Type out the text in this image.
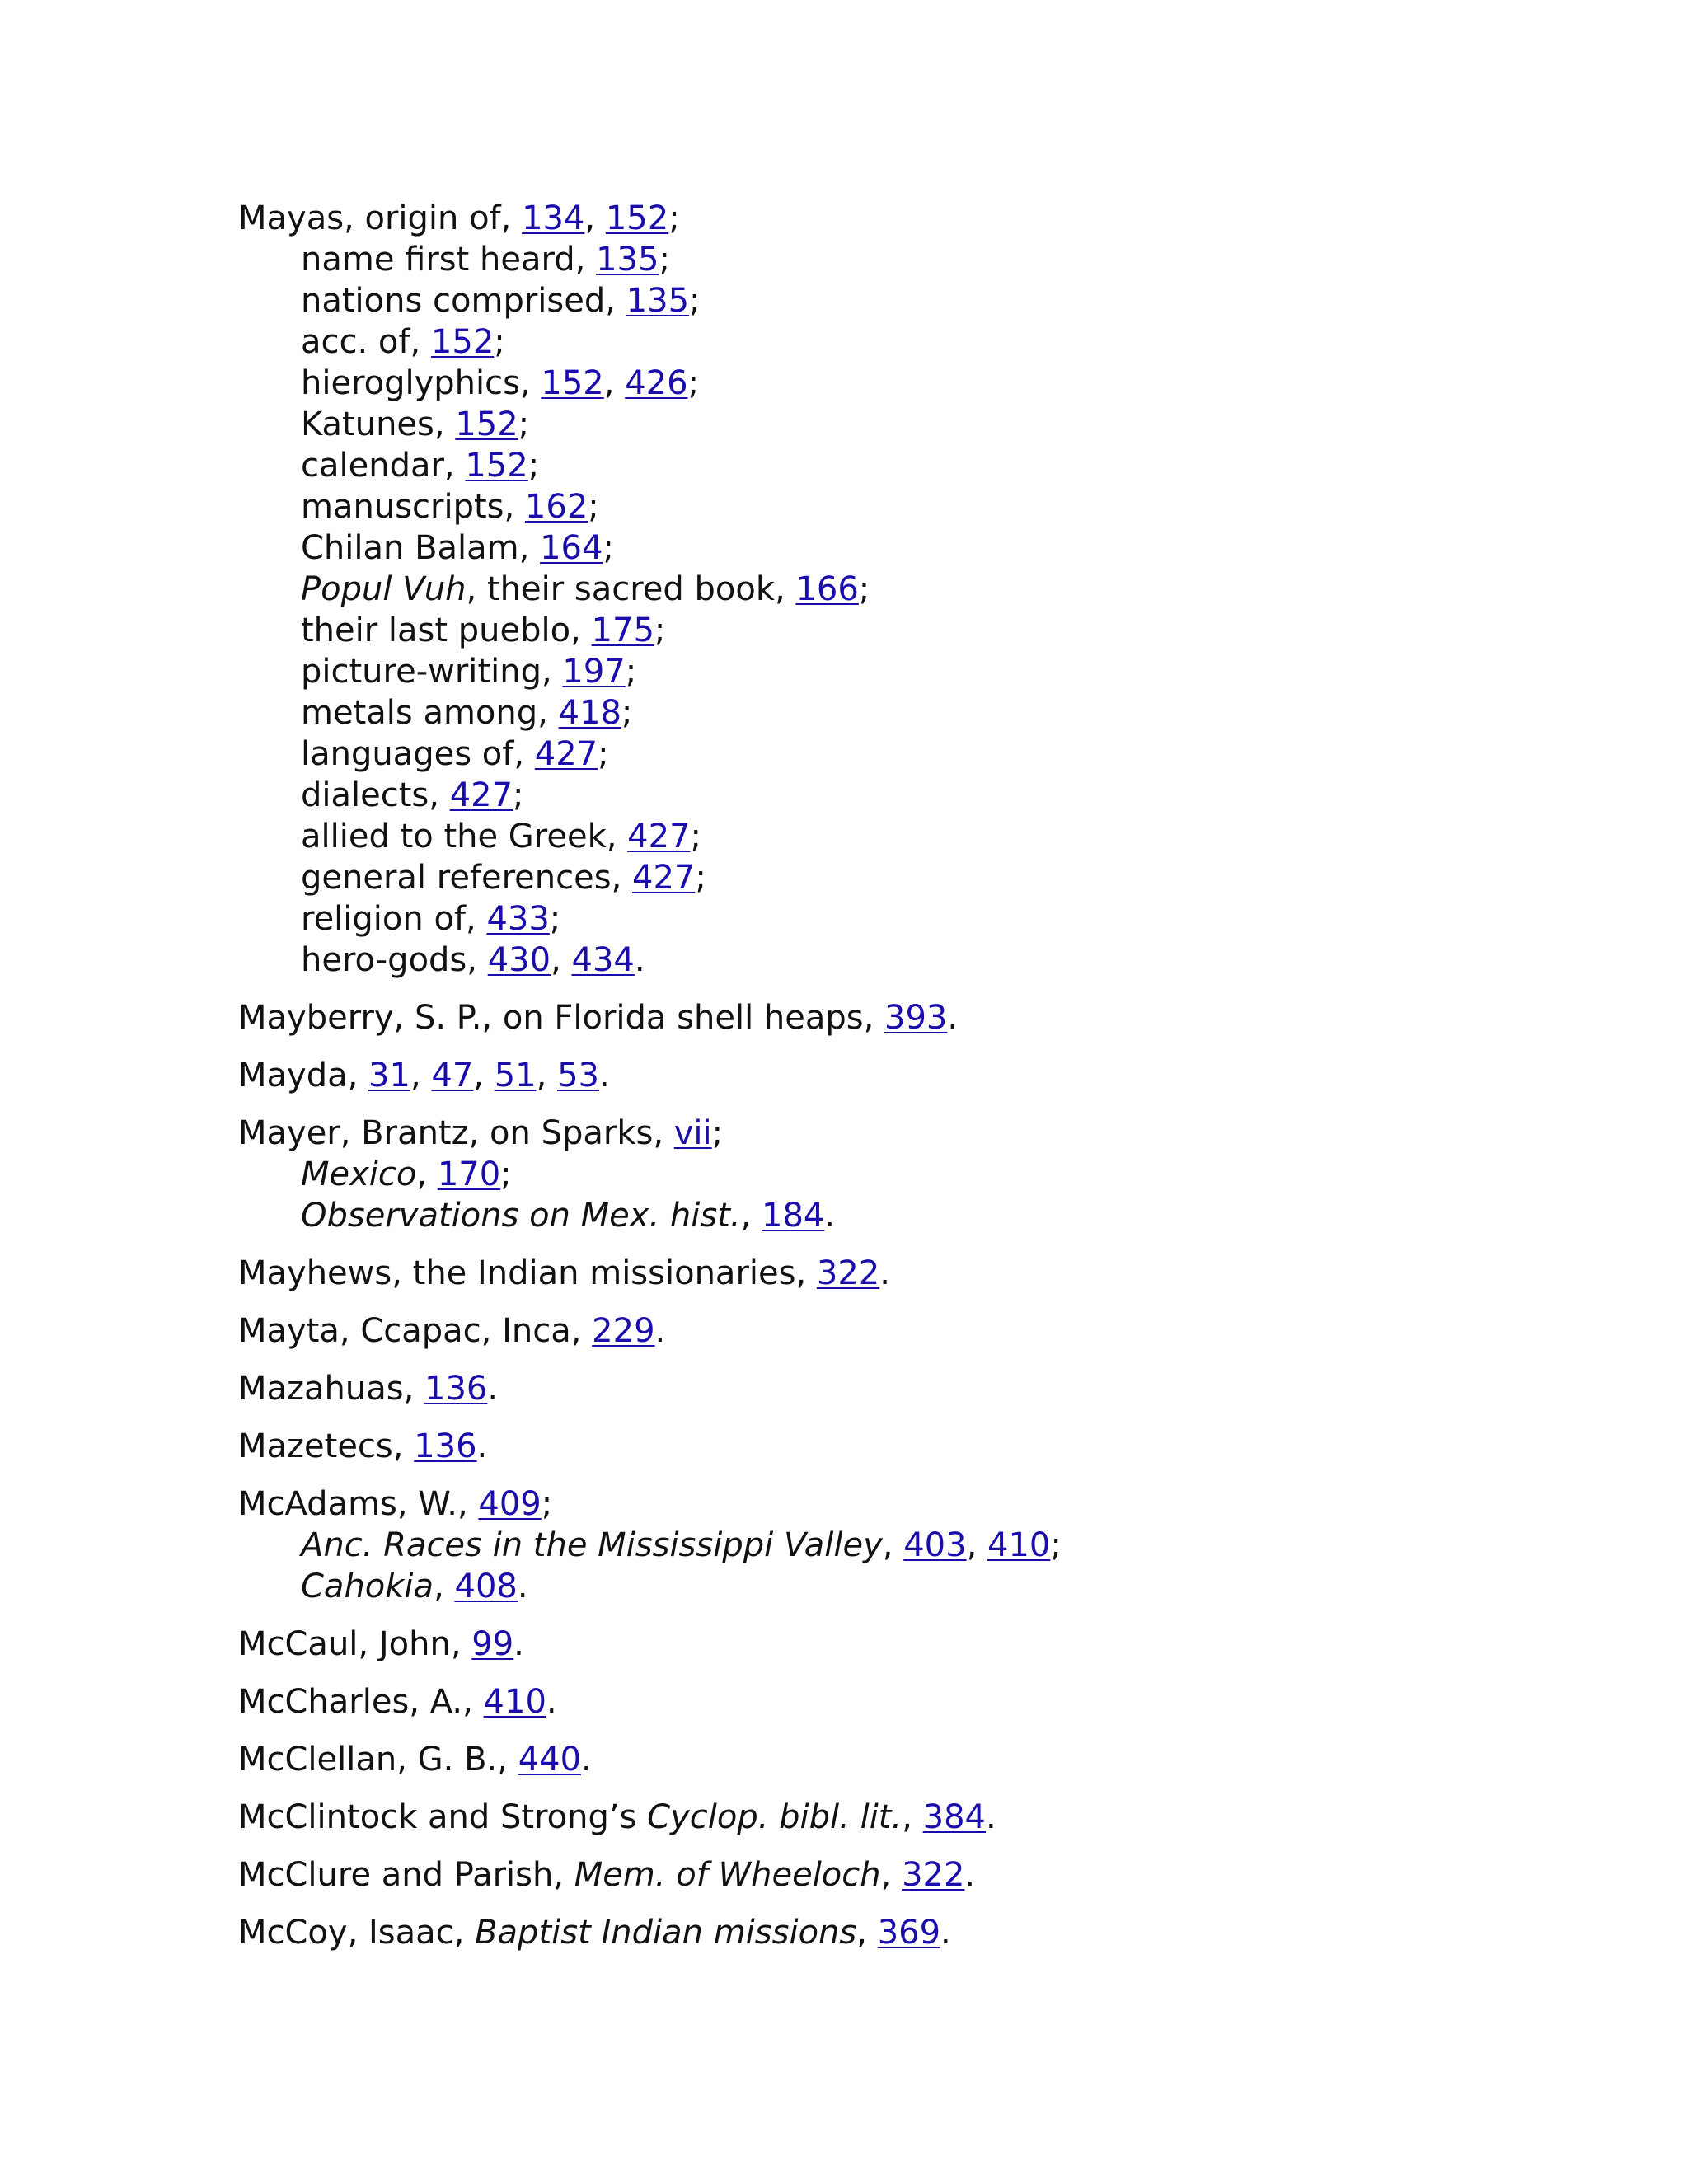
Mayas, origin of, 134, 152;
name first heard, 135;
nations comprised, 135;
acc. of, 152;
hieroglyphics, 152, 426;
Katunes, 152;
calendar, 152;
manuscripts, 162;
Chilan Balam, 164;
Popul Vuh, their sacred book, 166;
their last pueblo, 175;
picture-writing, 197;
metals among, 418;
languages of, 427;
dialects, 427;
allied to the Greek, 427;
general references, 427;
religion of, 433;
hero-gods, 430, 434.
Mayberry, S. P., on Florida shell heaps, 393.
Mayda, 31, 47, 51, 53.
Mayer, Brantz, on Sparks, vii;
Mexico, 170;
Observations on Mex. hist., 184.
Mayhews, the Indian missionaries, 322.
Mayta, Ccapac, Inca, 229.
Mazahuas, 136.
Mazetecs, 136.
McAdams, W., 409;
Anc. Races in the Mississippi Valley, 403, 410;
Cahokia, 408.
McCaul, John, 99.
McCharles, A., 410.
McClellan, G. B., 440.
McClintock and Strong’s Cyclop. bibl. lit., 384.
McClure and Parish, Mem. of Wheeloch, 322.
McCoy, Isaac, Baptist Indian missions, 369.
